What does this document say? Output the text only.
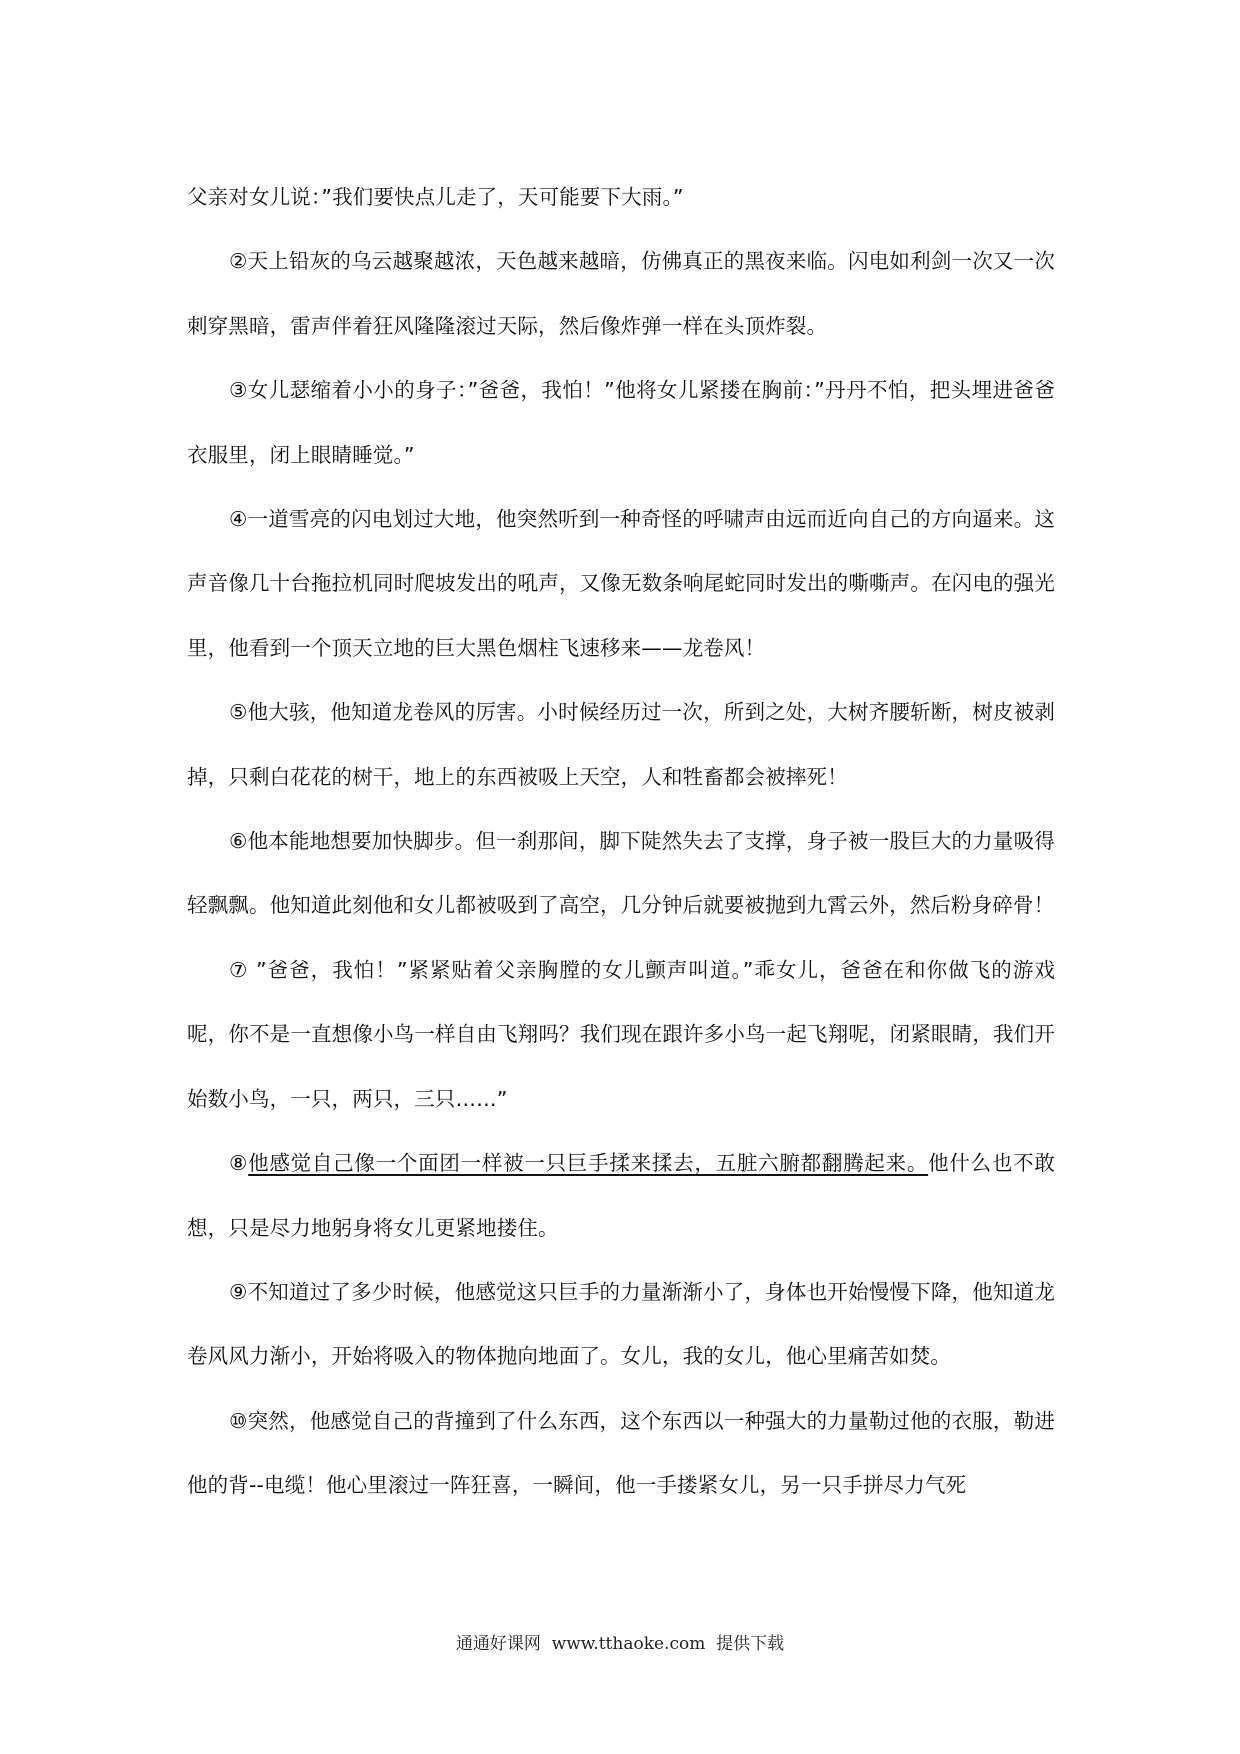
父亲对女儿说：”我们要快点儿走了，天可能要下大雨。”

②天上铅灰的乌云越聚越浓，天色越来越暗，仿佛真正的黑夜来临。闪电如利剑一次又一次刺穿黑暗，雷声伴着狂风隆隆滚过天际，然后像炸弹一样在头顶炸裂。

③女儿瑟缩着小小的身子：”爸爸，我怕！”他将女儿紧搂在胸前：”丹丹不怕，把头埋进爸爸衣服里，闭上眼睛睡觉。”

④一道雪亮的闪电划过大地，他突然听到一种奇怪的呼啸声由远而近向自己的方向逼来。这声音像几十台拖拉机同时爬坡发出的吼声，又像无数条响尾蛇同时发出的嘶嘶声。在闪电的强光里，他看到一个顶天立地的巨大黑色烟柱飞速移来——龙卷风！

⑤他大骇，他知道龙卷风的厉害。小时候经历过一次，所到之处，大树齐腰斩断，树皮被剥掉，只剩白花花的树干，地上的东西被吸上天空，人和牲畜都会被摔死！

⑥他本能地想要加快脚步。但一刹那间，脚下陡然失去了支撑，身子被一股巨大的力量吸得轻飘飘。他知道此刻他和女儿都被吸到了高空，几分钟后就要被抛到九霄云外，然后粉身碎骨！

⑦ ”爸爸，我怕！”紧紧贴着父亲胸膛的女儿颤声叫道。”乖女儿，爸爸在和你做飞的游戏呢，你不是一直想像小鸟一样自由飞翔吗？我们现在跟许多小鸟一起飞翔呢，闭紧眼睛，我们开始数小鸟，一只，两只，三只……”

⑧他感觉自己像一个面团一样被一只巨手揉来揉去，五脏六腑都翻腾起来。他什么也不敢想，只是尽力地躬身将女儿更紧地搂住。

⑨不知道过了多少时候，他感觉这只巨手的力量渐渐小了，身体也开始慢慢下降，他知道龙卷风风力渐小，开始将吸入的物体抛向地面了。女儿，我的女儿，他心里痛苦如焚。

⑩突然，他感觉自己的背撞到了什么东西，这个东西以一种强大的力量勒过他的衣服，勒进他的背--电缆！他心里滚过一阵狂喜，一瞬间，他一手搂紧女儿，另一只手拼尽力气死

通通好课网  www.tthaoke.com  提供下载
